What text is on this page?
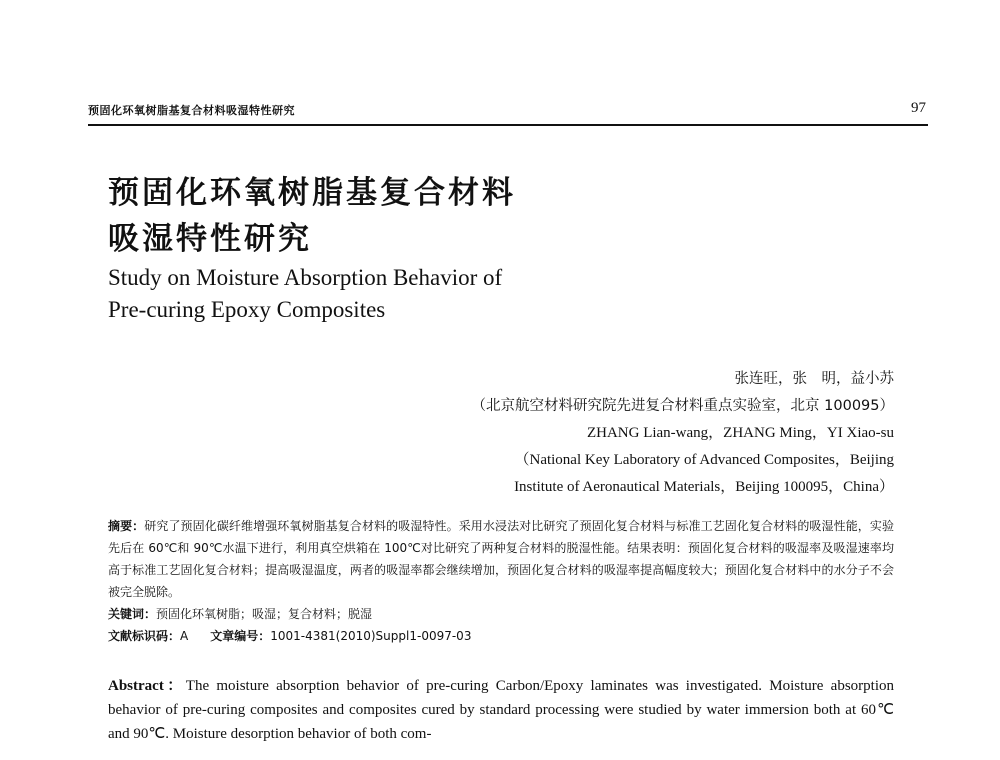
预固化环氧树脂基复合材料吸湿特性研究	97
预固化环氧树脂基复合材料
吸湿特性研究
Study on Moisture Absorption Behavior of
Pre-curing Epoxy Composites
张连旺，张　明，益小苏
（北京航空材料研究院先进复合材料重点实验室，北京 100095）
ZHANG Lian-wang，ZHANG Ming，YI Xiao-su
（National Key Laboratory of Advanced Composites，Beijing
Institute of Aeronautical Materials，Beijing 100095，China）

摘要：研究了预固化碳纤维增强环氧树脂基复合材料的吸湿特性。采用水浸法对比研究了预固化复合材料与标准工艺固化复合材料的吸湿性能，实验先后在 60℃和 90℃水温下进行，利用真空烘箱在 100℃对比研究了两种复合材料的脱湿性能。结果表明：预固化复合材料的吸湿率及吸湿速率均高于标准工艺固化复合材料；提高吸湿温度，两者的吸湿率都会继续增加，预固化复合材料的吸湿率提高幅度较大；预固化复合材料中的水分子不会被完全脱除。

关键词：预固化环氧树脂；吸湿；复合材料；脱湿

文献标识码：A 文章编号：1001-4381(2010)Suppl1-0097-03

Abstract：The moisture absorption behavior of pre-curing Carbon/Epoxy laminates was investigated. Moisture absorption behavior of pre-curing composites and composites cured by standard processing were studied by water immersion both at 60℃ and 90℃. Moisture desorption behavior of both com-
